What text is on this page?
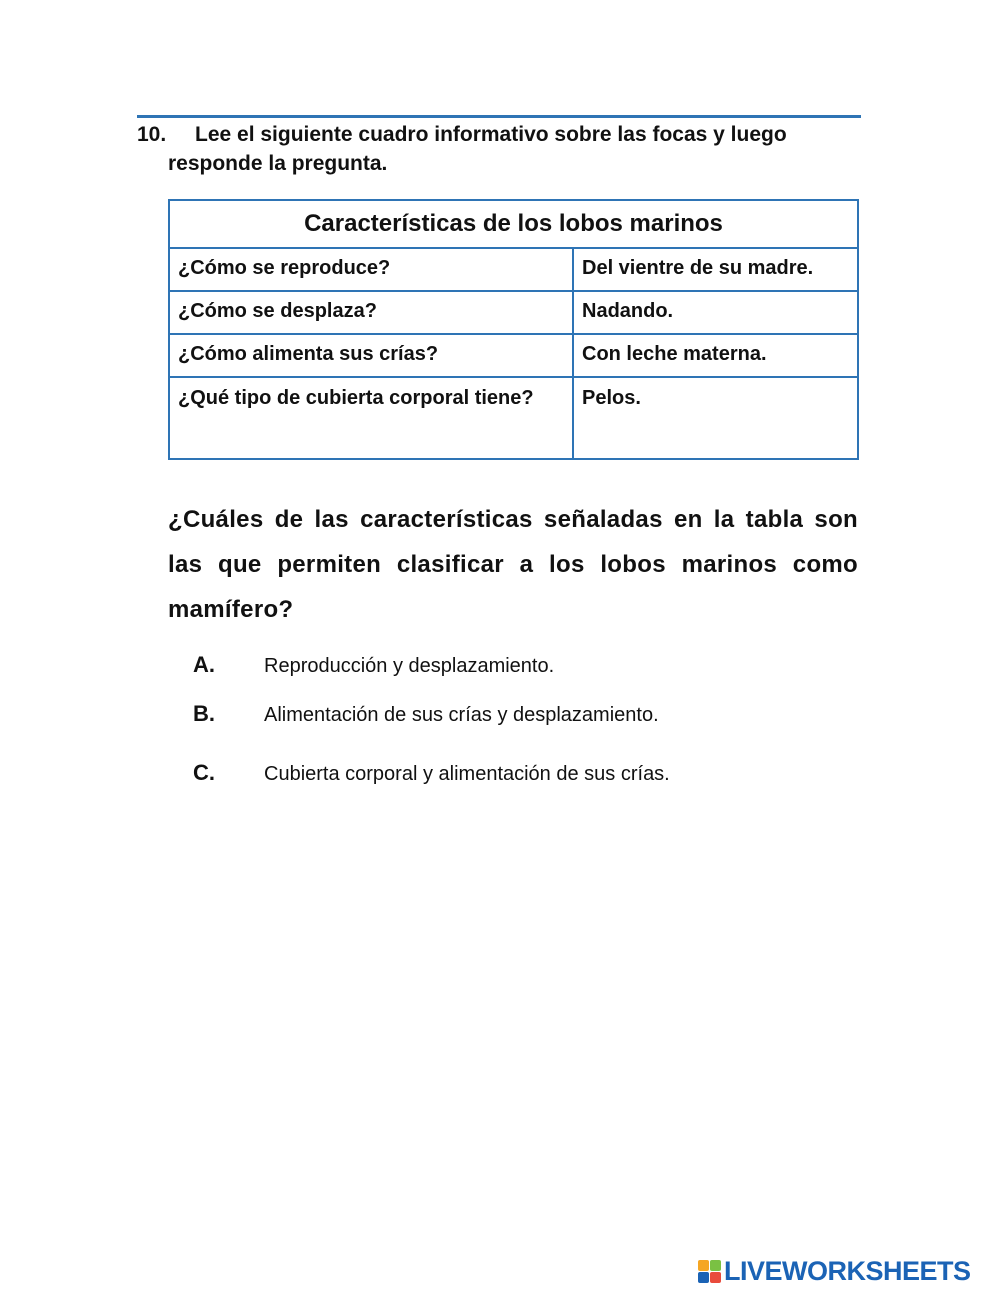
10. Lee el siguiente cuadro informativo sobre las focas y luego
responde la pregunta.
Características de los lobos marinos	
¿Cómo se reproduce?	Del vientre de su madre.
¿Cómo se desplaza?	Nadando.
¿Cómo alimenta sus crías?	Con leche materna.
¿Qué tipo de cubierta corporal tiene?	Pelos.
¿Cuáles de las características señaladas en la tabla son las que permiten clasificar a los lobos marinos como mamífero?
A. Reproducción y desplazamiento.
B. Alimentación de sus crías y desplazamiento.
C. Cubierta corporal y alimentación de sus crías.
LIVEWORKSHEETS
